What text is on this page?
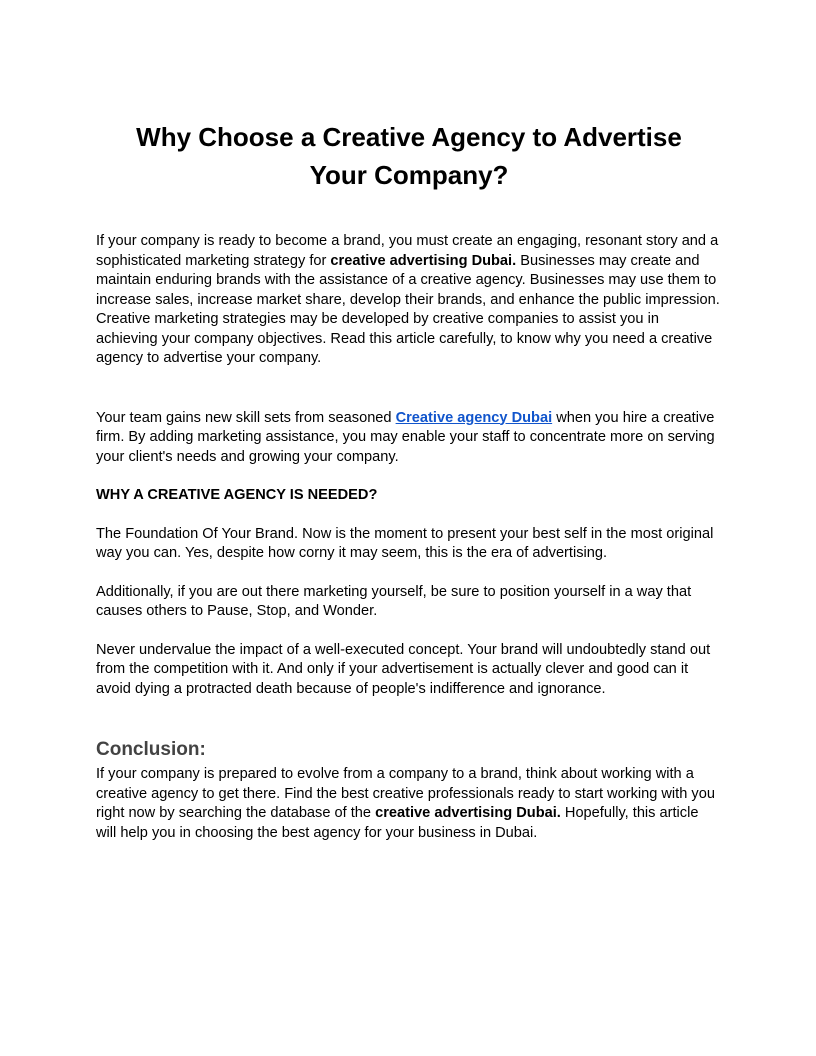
Why Choose a Creative Agency to Advertise
Your Company?

If your company is ready to become a brand, you must create an engaging, resonant story and a sophisticated marketing strategy for creative advertising Dubai. Businesses may create and maintain enduring brands with the assistance of a creative agency. Businesses may use them to increase sales, increase market share, develop their brands, and enhance the public impression. Creative marketing strategies may be developed by creative companies to assist you in achieving your company objectives. Read this article carefully, to know why you need a creative agency to advertise your company.

Your team gains new skill sets from seasoned Creative agency Dubai when you hire a creative firm. By adding marketing assistance, you may enable your staff to concentrate more on serving your client's needs and growing your company.

WHY A CREATIVE AGENCY IS NEEDED?

The Foundation Of Your Brand. Now is the moment to present your best self in the most original way you can. Yes, despite how corny it may seem, this is the era of advertising.

Additionally, if you are out there marketing yourself, be sure to position yourself in a way that causes others to Pause, Stop, and Wonder.

Never undervalue the impact of a well-executed concept. Your brand will undoubtedly stand out from the competition with it. And only if your advertisement is actually clever and good can it avoid dying a protracted death because of people's indifference and ignorance.

Conclusion:

If your company is prepared to evolve from a company to a brand, think about working with a creative agency to get there. Find the best creative professionals ready to start working with you right now by searching the database of the creative advertising Dubai. Hopefully, this article will help you in choosing the best agency for your business in Dubai.
